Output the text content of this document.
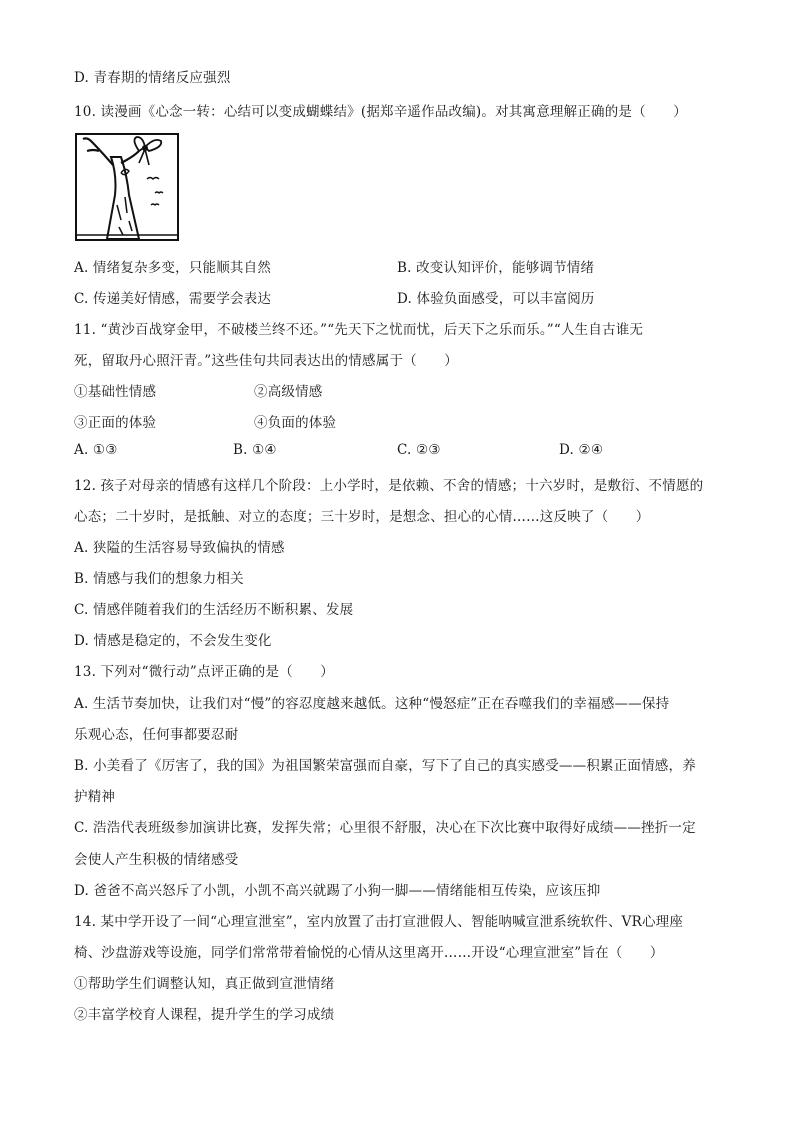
D. 青春期的情绪反应强烈
10. 读漫画《心念一转：心结可以变成蝴蝶结》(据郑辛遥作品改编)。对其寓意理解正确的是（　　）
A. 情绪复杂多变，只能顺其自然	B. 改变认知评价，能够调节情绪
C. 传递美好情感，需要学会表达	D. 体验负面感受，可以丰富阅历
11. “黄沙百战穿金甲，不破楼兰终不还。”“先天下之忧而忧，后天下之乐而乐。”“人生自古谁无
死，留取丹心照汗青。”这些佳句共同表达出的情感属于（　　）
①基础性情感	②高级情感
③正面的体验	④负面的体验
A. ①③	B. ①④	C. ②③	D. ②④
12. 孩子对母亲的情感有这样几个阶段：上小学时，是依赖、不舍的情感；十六岁时，是敷衍、不情愿的
心态；二十岁时，是抵触、对立的态度；三十岁时，是想念、担心的心情……这反映了（　　）
A. 狭隘的生活容易导致偏执的情感
B. 情感与我们的想象力相关
C. 情感伴随着我们的生活经历不断积累、发展
D. 情感是稳定的，不会发生变化
13. 下列对“微行动”点评正确的是（　　）
A. 生活节奏加快，让我们对“慢”的容忍度越来越低。这种“慢怒症”正在吞噬我们的幸福感——保持
乐观心态，任何事都要忍耐
B. 小美看了《厉害了，我的国》为祖国繁荣富强而自豪，写下了自己的真实感受——积累正面情感，养
护精神
C. 浩浩代表班级参加演讲比赛，发挥失常；心里很不舒服，决心在下次比赛中取得好成绩——挫折一定
会使人产生积极的情绪感受
D. 爸爸不高兴怒斥了小凯，小凯不高兴就踢了小狗一脚——情绪能相互传染，应该压抑
14. 某中学开设了一间“心理宣泄室”，室内放置了击打宣泄假人、智能呐喊宣泄系统软件、VR心理座
椅、沙盘游戏等设施，同学们常常带着愉悦的心情从这里离开……开设“心理宣泄室”旨在（　　）
①帮助学生们调整认知，真正做到宣泄情绪
②丰富学校育人课程，提升学生的学习成绩
